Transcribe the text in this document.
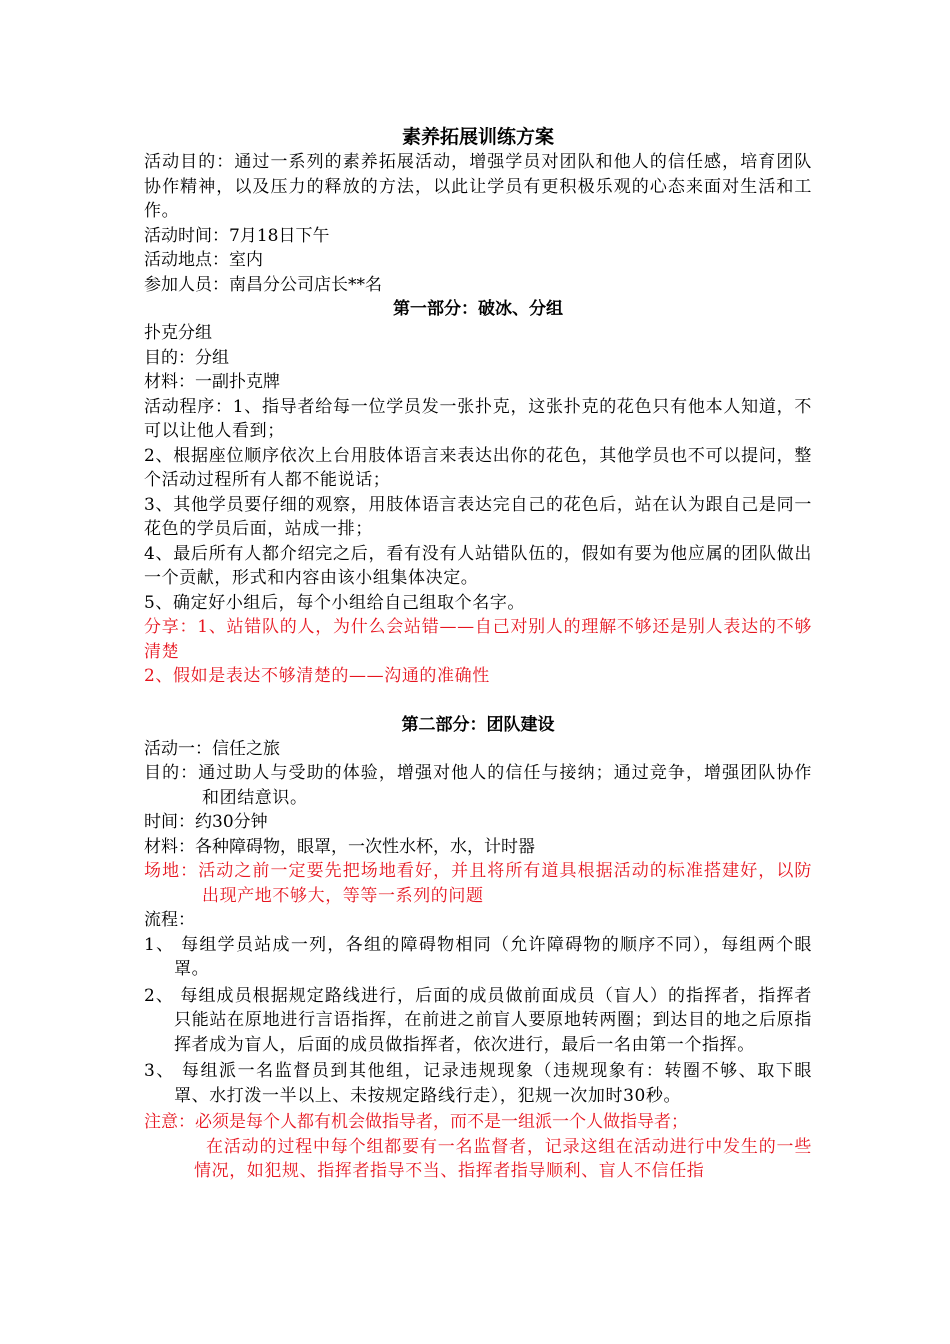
素养拓展训练方案

活动目的：通过一系列的素养拓展活动，增强学员对团队和他人的信任感，培育团队协作精神，以及压力的释放的方法，以此让学员有更积极乐观的心态来面对生活和工作。

活动时间：7月18日下午

活动地点：室内

参加人员：南昌分公司店长**名

第一部分：破冰、分组

扑克分组

目的：分组

材料：一副扑克牌

活动程序：1、指导者给每一位学员发一张扑克，这张扑克的花色只有他本人知道，不可以让他人看到；

2、根据座位顺序依次上台用肢体语言来表达出你的花色，其他学员也不可以提问，整个活动过程所有人都不能说话；

3、其他学员要仔细的观察，用肢体语言表达完自己的花色后，站在认为跟自己是同一花色的学员后面，站成一排；

4、最后所有人都介绍完之后，看有没有人站错队伍的，假如有要为他应属的团队做出一个贡献，形式和内容由该小组集体决定。

5、确定好小组后，每个小组给自己组取个名字。

分享：1、站错队的人，为什么会站错——自己对别人的理解不够还是别人表达的不够清楚

2、假如是表达不够清楚的——沟通的准确性

第二部分：团队建设

活动一：信任之旅

目的：通过助人与受助的体验，增强对他人的信任与接纳；通过竞争，增强团队协作和团结意识。

时间：约30分钟

材料：各种障碍物，眼罩，一次性水杯，水，计时器

场地：活动之前一定要先把场地看好，并且将所有道具根据活动的标准搭建好，以防出现产地不够大，等等一系列的问题

流程：

1、 每组学员站成一列，各组的障碍物相同（允许障碍物的顺序不同），每组两个眼罩。

2、 每组成员根据规定路线进行，后面的成员做前面成员（盲人）的指挥者，指挥者只能站在原地进行言语指挥，在前进之前盲人要原地转两圈；到达目的地之后原指挥者成为盲人，后面的成员做指挥者，依次进行，最后一名由第一个指挥。

3、 每组派一名监督员到其他组，记录违规现象（违规现象有：转圈不够、取下眼罩、水打泼一半以上、未按规定路线行走），犯规一次加时30秒。

注意：必须是每个人都有机会做指导者，而不是一组派一个人做指导者；

在活动的过程中每个组都要有一名监督者，记录这组在活动进行中发生的一些情况，如犯规、指挥者指导不当、指挥者指导顺利、盲人不信任指
